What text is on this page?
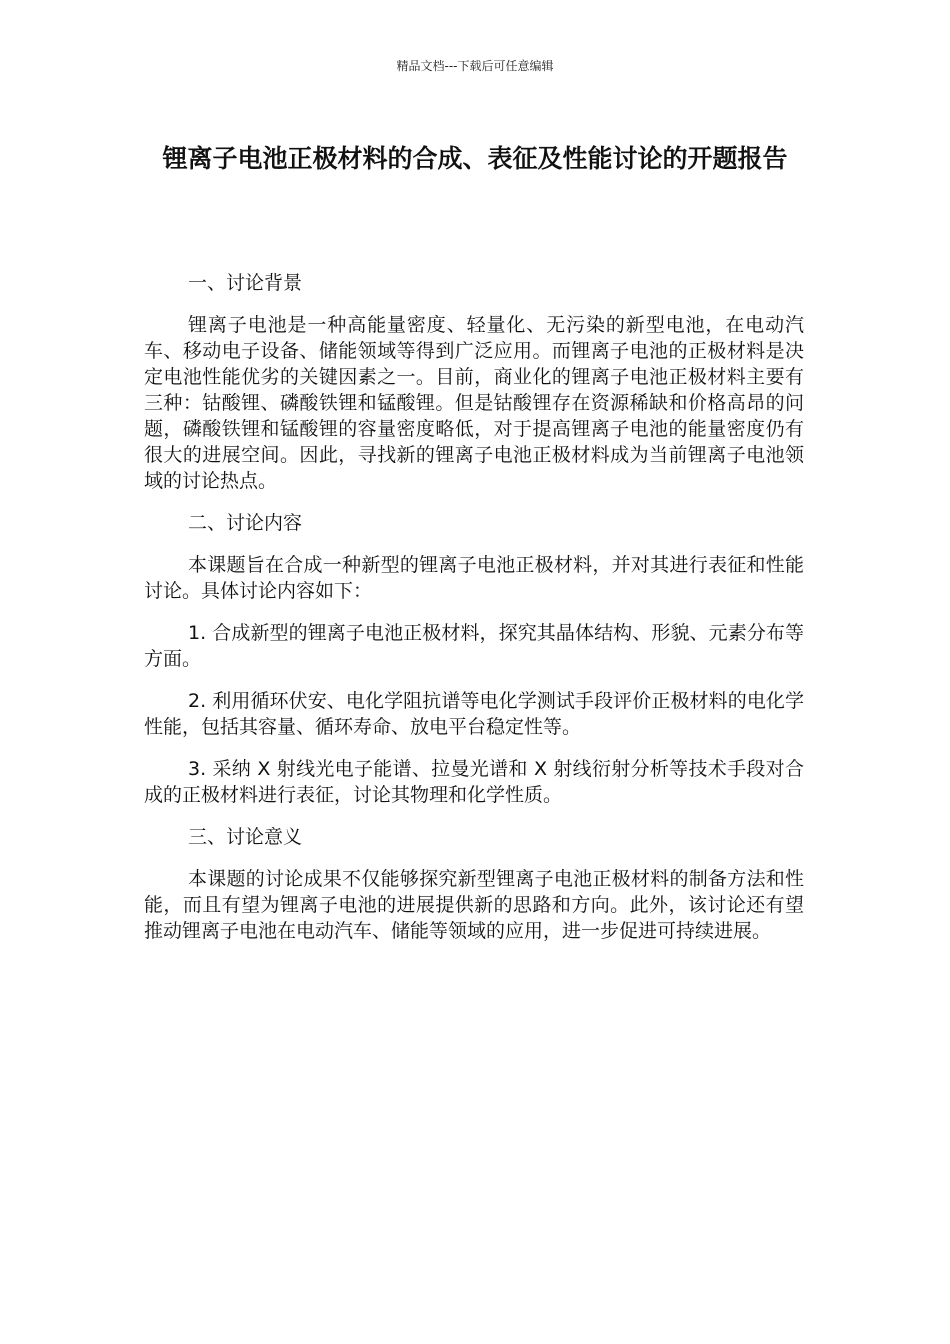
精品文档---下载后可任意编辑
锂离子电池正极材料的合成、表征及性能讨论的开题报告

一、讨论背景

锂离子电池是一种高能量密度、轻量化、无污染的新型电池，在电动汽车、移动电子设备、储能领域等得到广泛应用。而锂离子电池的正极材料是决定电池性能优劣的关键因素之一。目前，商业化的锂离子电池正极材料主要有三种：钴酸锂、磷酸铁锂和锰酸锂。但是钴酸锂存在资源稀缺和价格高昂的问题，磷酸铁锂和锰酸锂的容量密度略低，对于提高锂离子电池的能量密度仍有很大的进展空间。因此，寻找新的锂离子电池正极材料成为当前锂离子电池领域的讨论热点。

二、讨论内容

本课题旨在合成一种新型的锂离子电池正极材料，并对其进行表征和性能讨论。具体讨论内容如下：

1. 合成新型的锂离子电池正极材料，探究其晶体结构、形貌、元素分布等方面。

2. 利用循环伏安、电化学阻抗谱等电化学测试手段评价正极材料的电化学性能，包括其容量、循环寿命、放电平台稳定性等。

3. 采纳 X 射线光电子能谱、拉曼光谱和 X 射线衍射分析等技术手段对合成的正极材料进行表征，讨论其物理和化学性质。

三、讨论意义

本课题的讨论成果不仅能够探究新型锂离子电池正极材料的制备方法和性能，而且有望为锂离子电池的进展提供新的思路和方向。此外，该讨论还有望推动锂离子电池在电动汽车、储能等领域的应用，进一步促进可持续进展。
